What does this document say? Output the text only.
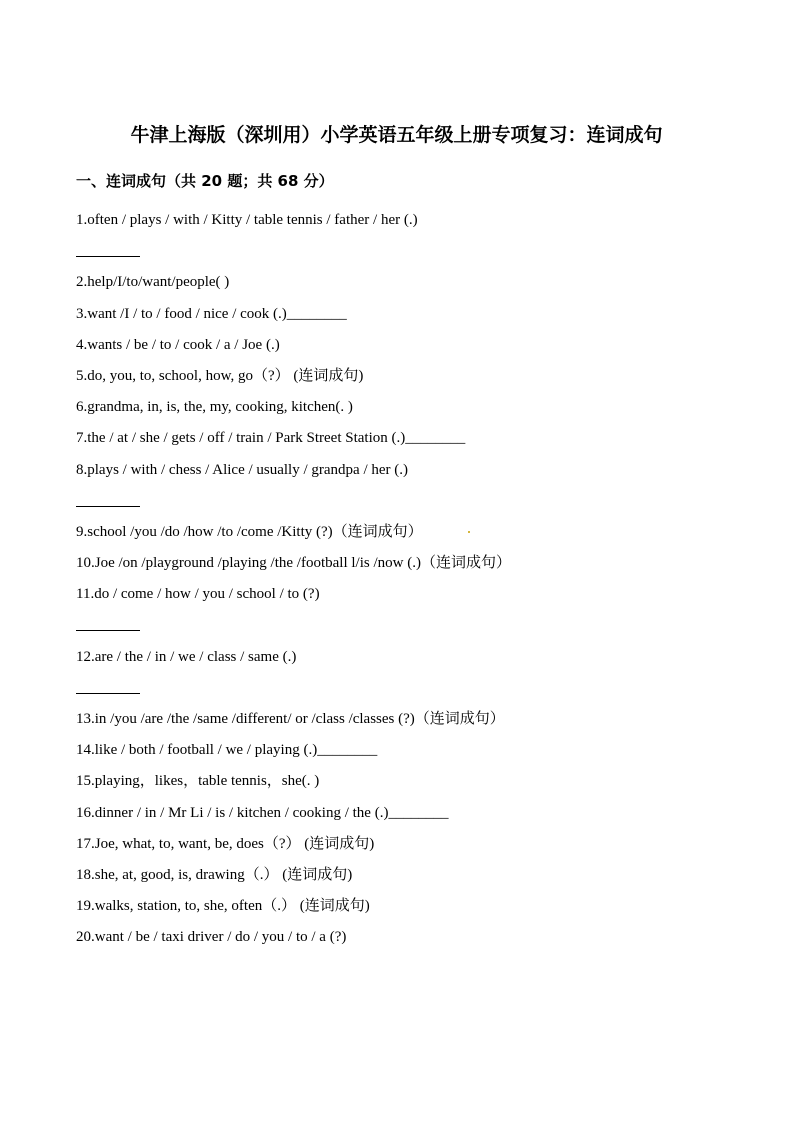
牛津上海版（深圳用）小学英语五年级上册专项复习：连词成句
一、连词成句（共 20 题；共 68 分）
1.often / plays / with / Kitty / table tennis / father / her (.)
2.help/I/to/want/people( )
3.want /I / to / food / nice / cook (.)________
4.wants / be / to / cook / a / Joe (.)
5.do, you, to, school, how, go（?） (连词成句)
6.grandma, in, is, the, my, cooking, kitchen(. )
7.the / at / she / gets / off / train / Park Street Station (.)________
8.plays / with / chess / Alice / usually / grandpa / her (.)
9.school /you /do /how /to /come /Kitty (?)（连词成句）
10.Joe /on /playground /playing /the /football l/is /now (.)（连词成句）
11.do / come / how / you / school / to (?)
12.are / the / in / we / class / same (.)
13.in /you /are /the /same /different/ or /class /classes (?)（连词成句）
14.like / both / football / we / playing (.)________
15.playing，likes，table tennis，she(. )
16.dinner / in / Mr Li / is / kitchen / cooking / the (.)________
17.Joe, what, to, want, be, does（?） (连词成句)
18.she, at, good, is, drawing（.） (连词成句)
19.walks, station, to, she, often（.） (连词成句)
20.want / be / taxi driver / do / you / to / a (?)
